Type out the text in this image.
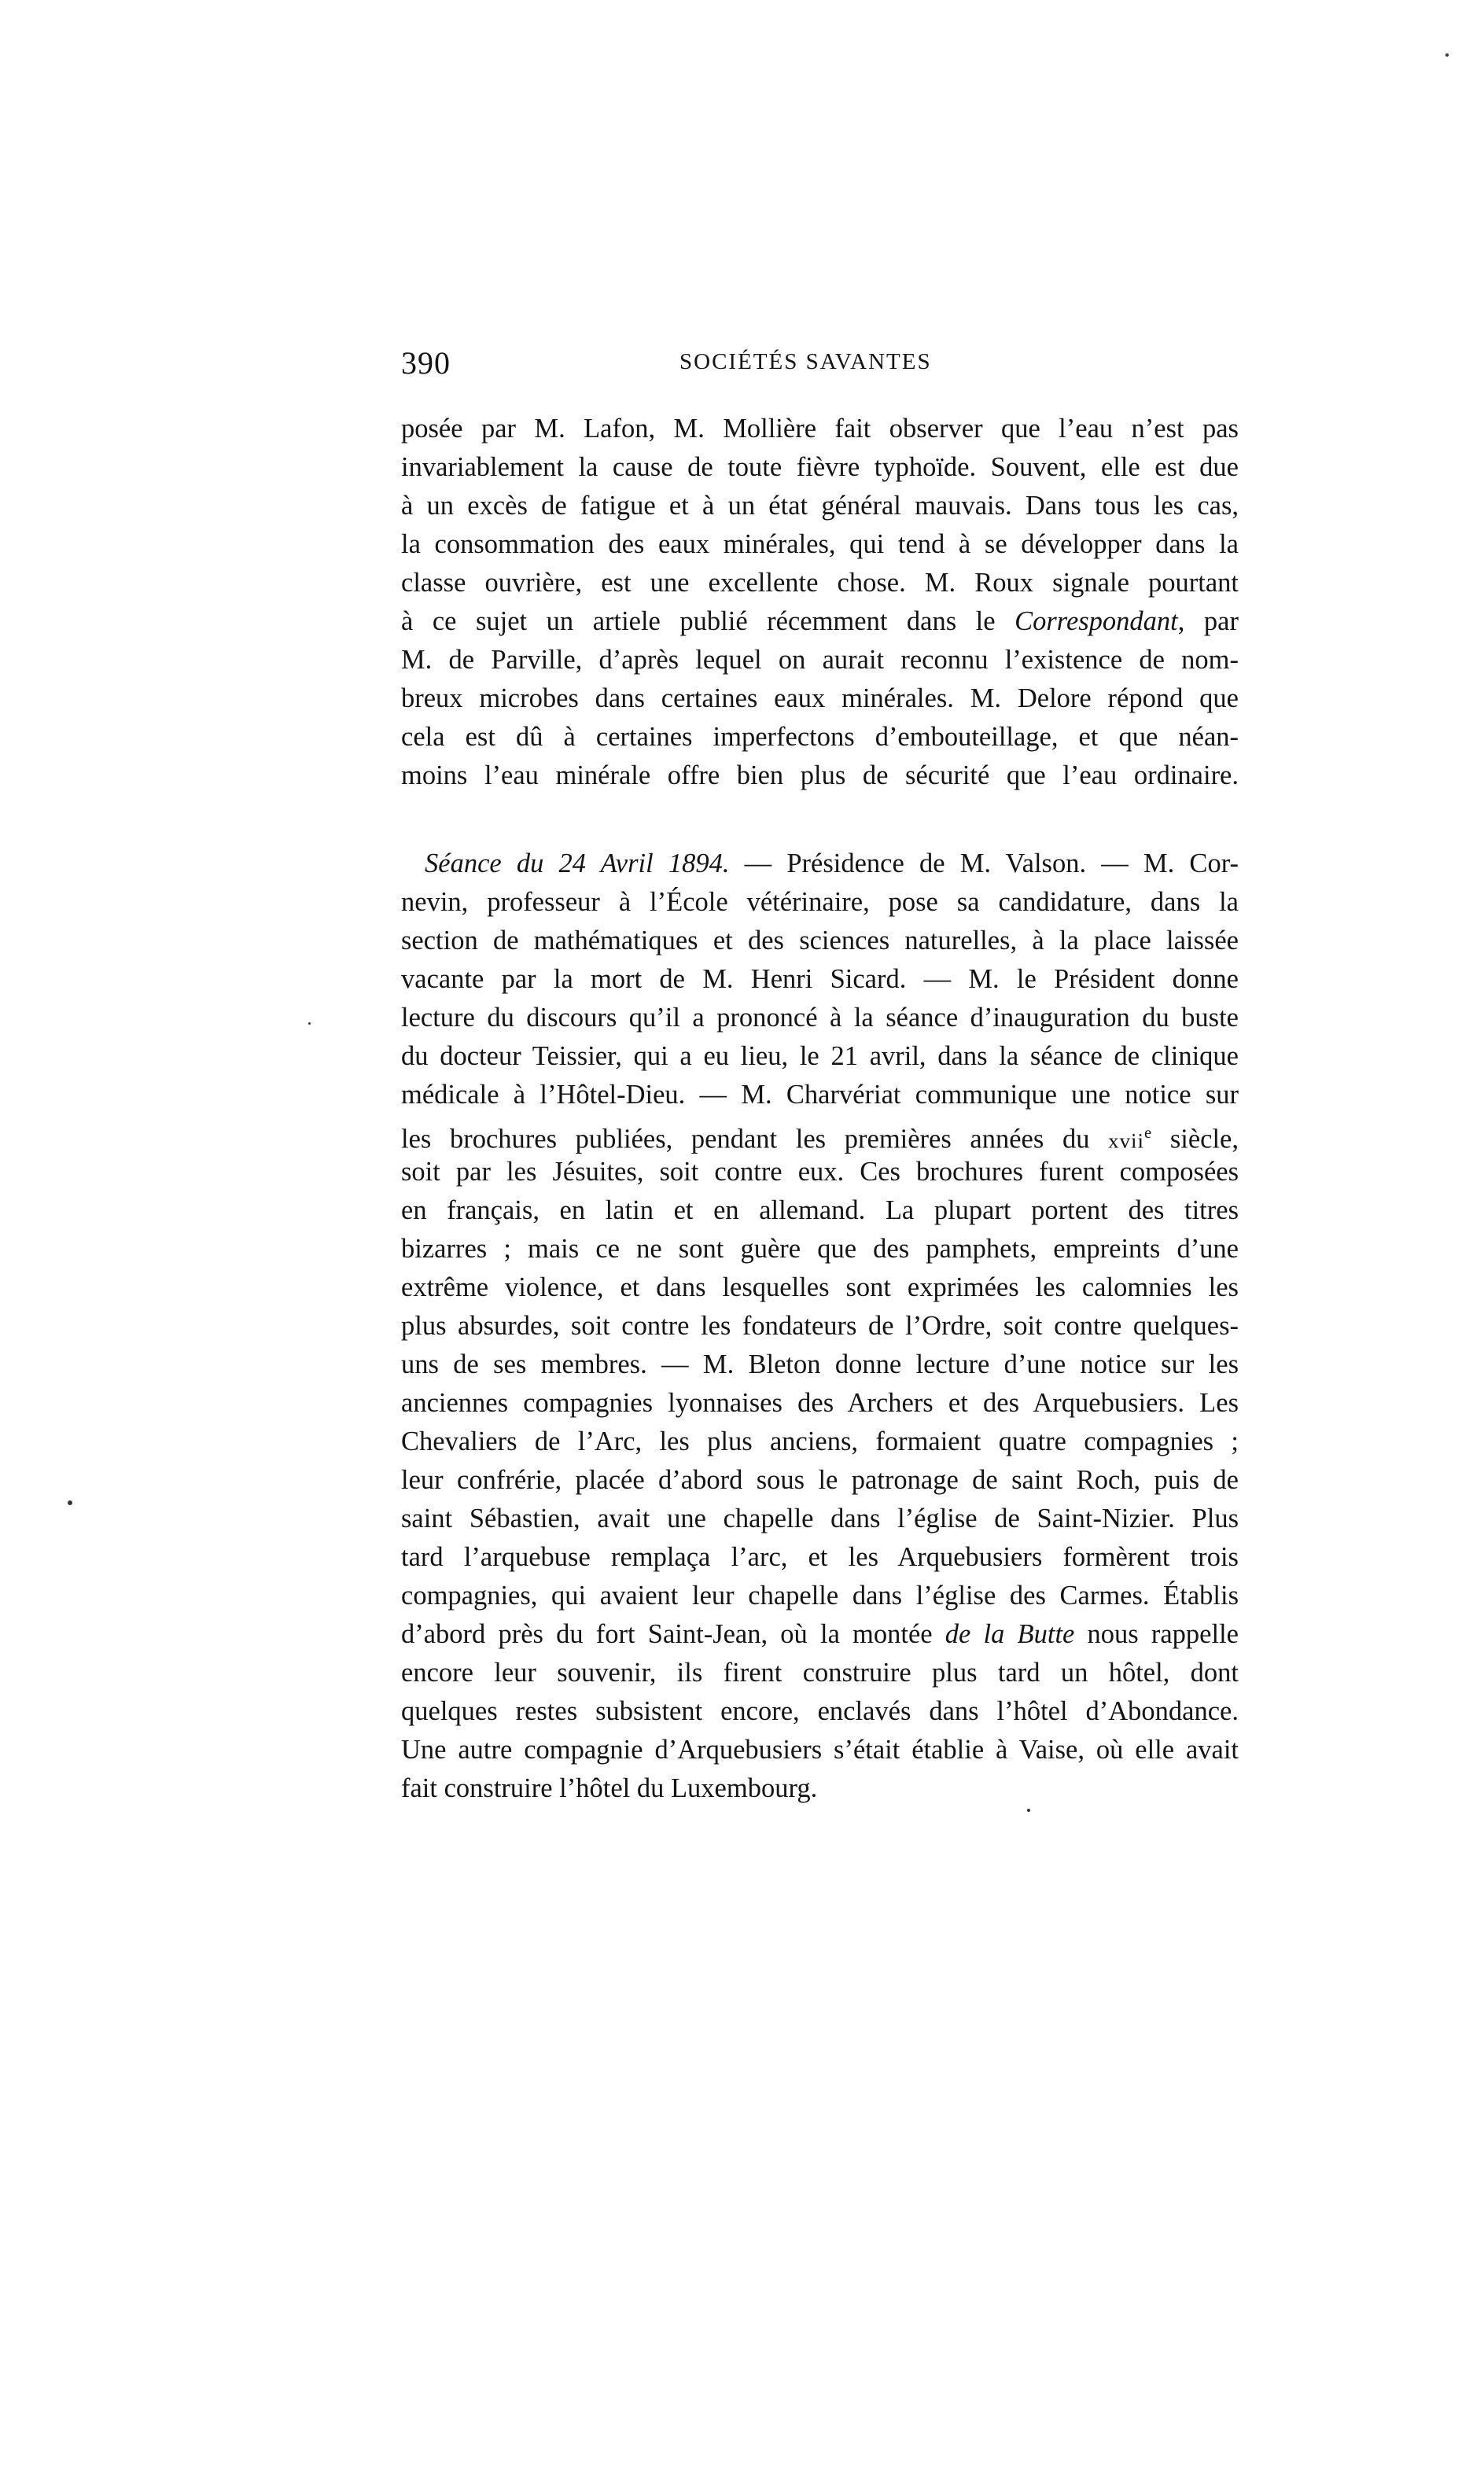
390	SOCIÉTÉS SAVANTES
posée par M. Lafon, M. Mollière fait observer que l’eau n’est pas
invariablement la cause de toute fièvre typhoïde. Souvent, elle est due
à un excès de fatigue et à un état général mauvais. Dans tous les cas,
la consommation des eaux minérales, qui tend à se développer dans la
classe ouvrière, est une excellente chose. M. Roux signale pourtant
à ce sujet un artiele publié récemment dans le Correspondant, par
M. de Parville, d’après lequel on aurait reconnu l’existence de nom-
breux microbes dans certaines eaux minérales. M. Delore répond que
cela est dû à certaines imperfectons d’embouteillage, et que néan-
moins l’eau minérale offre bien plus de sécurité que l’eau ordinaire.
Séance du 24 Avril 1894. — Présidence de M. Valson. — M. Cor-
nevin, professeur à l’École vétérinaire, pose sa candidature, dans la
section de mathématiques et des sciences naturelles, à la place laissée
vacante par la mort de M. Henri Sicard. — M. le Président donne
lecture du discours qu’il a prononcé à la séance d’inauguration du buste
du docteur Teissier, qui a eu lieu, le 21 avril, dans la séance de clinique
médicale à l’Hôtel-Dieu. — M. Charvériat communique une notice sur
les brochures publiées, pendant les premières années du xvii$^e$ siècle,
soit par les Jésuites, soit contre eux. Ces brochures furent composées
en français, en latin et en allemand. La plupart portent des titres
bizarres ; mais ce ne sont guère que des pamphets, empreints d’une
extrême violence, et dans lesquelles sont exprimées les calomnies les
plus absurdes, soit contre les fondateurs de l’Ordre, soit contre quelques-
uns de ses membres. — M. Bleton donne lecture d’une notice sur les
anciennes compagnies lyonnaises des Archers et des Arquebusiers. Les
Chevaliers de l’Arc, les plus anciens, formaient quatre compagnies ;
leur confrérie, placée d’abord sous le patronage de saint Roch, puis de
saint Sébastien, avait une chapelle dans l’église de Saint-Nizier. Plus
tard l’arquebuse remplaça l’arc, et les Arquebusiers formèrent trois
compagnies, qui avaient leur chapelle dans l’église des Carmes. Établis
d’abord près du fort Saint-Jean, où la montée de la Butte nous rappelle
encore leur souvenir, ils firent construire plus tard un hôtel, dont
quelques restes subsistent encore, enclavés dans l’hôtel d’Abondance.
Une autre compagnie d’Arquebusiers s’était établie à Vaise, où elle avait
fait construire l’hôtel du Luxembourg.
